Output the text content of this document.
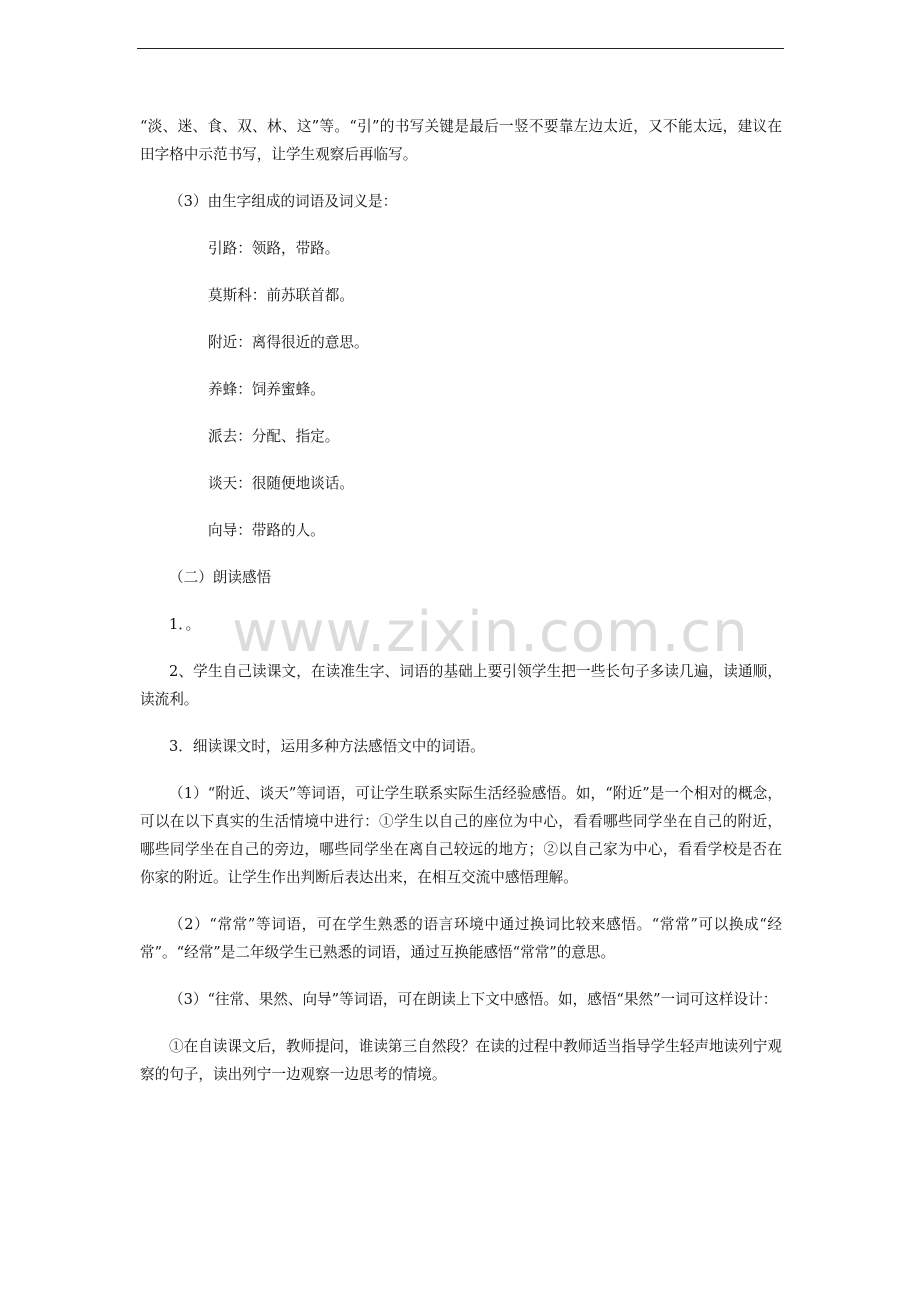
www.zixin.com.cn

“淡、迷、食、双、林、这”等。“引”的书写关键是最后一竖不要靠左边太近，又不能太远，建议在田字格中示范书写，让学生观察后再临写。

（3）由生字组成的词语及词义是：

引路：领路，带路。

莫斯科：前苏联首都。

附近：离得很近的意思。

养蜂：饲养蜜蜂。

派去：分配、指定。

谈天：很随便地谈话。

向导：带路的人。

（二）朗读感悟

1．。

2、学生自己读课文，在读准生字、词语的基础上要引领学生把一些长句子多读几遍，读通顺，读流利。

3．细读课文时，运用多种方法感悟文中的词语。

（1）“附近、谈天”等词语，可让学生联系实际生活经验感悟。如，“附近”是一个相对的概念，可以在以下真实的生活情境中进行：①学生以自己的座位为中心，看看哪些同学坐在自己的附近，哪些同学坐在自己的旁边，哪些同学坐在离自己较远的地方；②以自己家为中心，看看学校是否在你家的附近。让学生作出判断后表达出来，在相互交流中感悟理解。

（2）“常常”等词语，可在学生熟悉的语言环境中通过换词比较来感悟。“常常”可以换成“经常”。“经常”是二年级学生已熟悉的词语，通过互换能感悟“常常”的意思。

（3）“往常、果然、向导”等词语，可在朗读上下文中感悟。如，感悟“果然”一词可这样设计：

①在自读课文后，教师提问，谁读第三自然段？在读的过程中教师适当指导学生轻声地读列宁观察的句子，读出列宁一边观察一边思考的情境。
